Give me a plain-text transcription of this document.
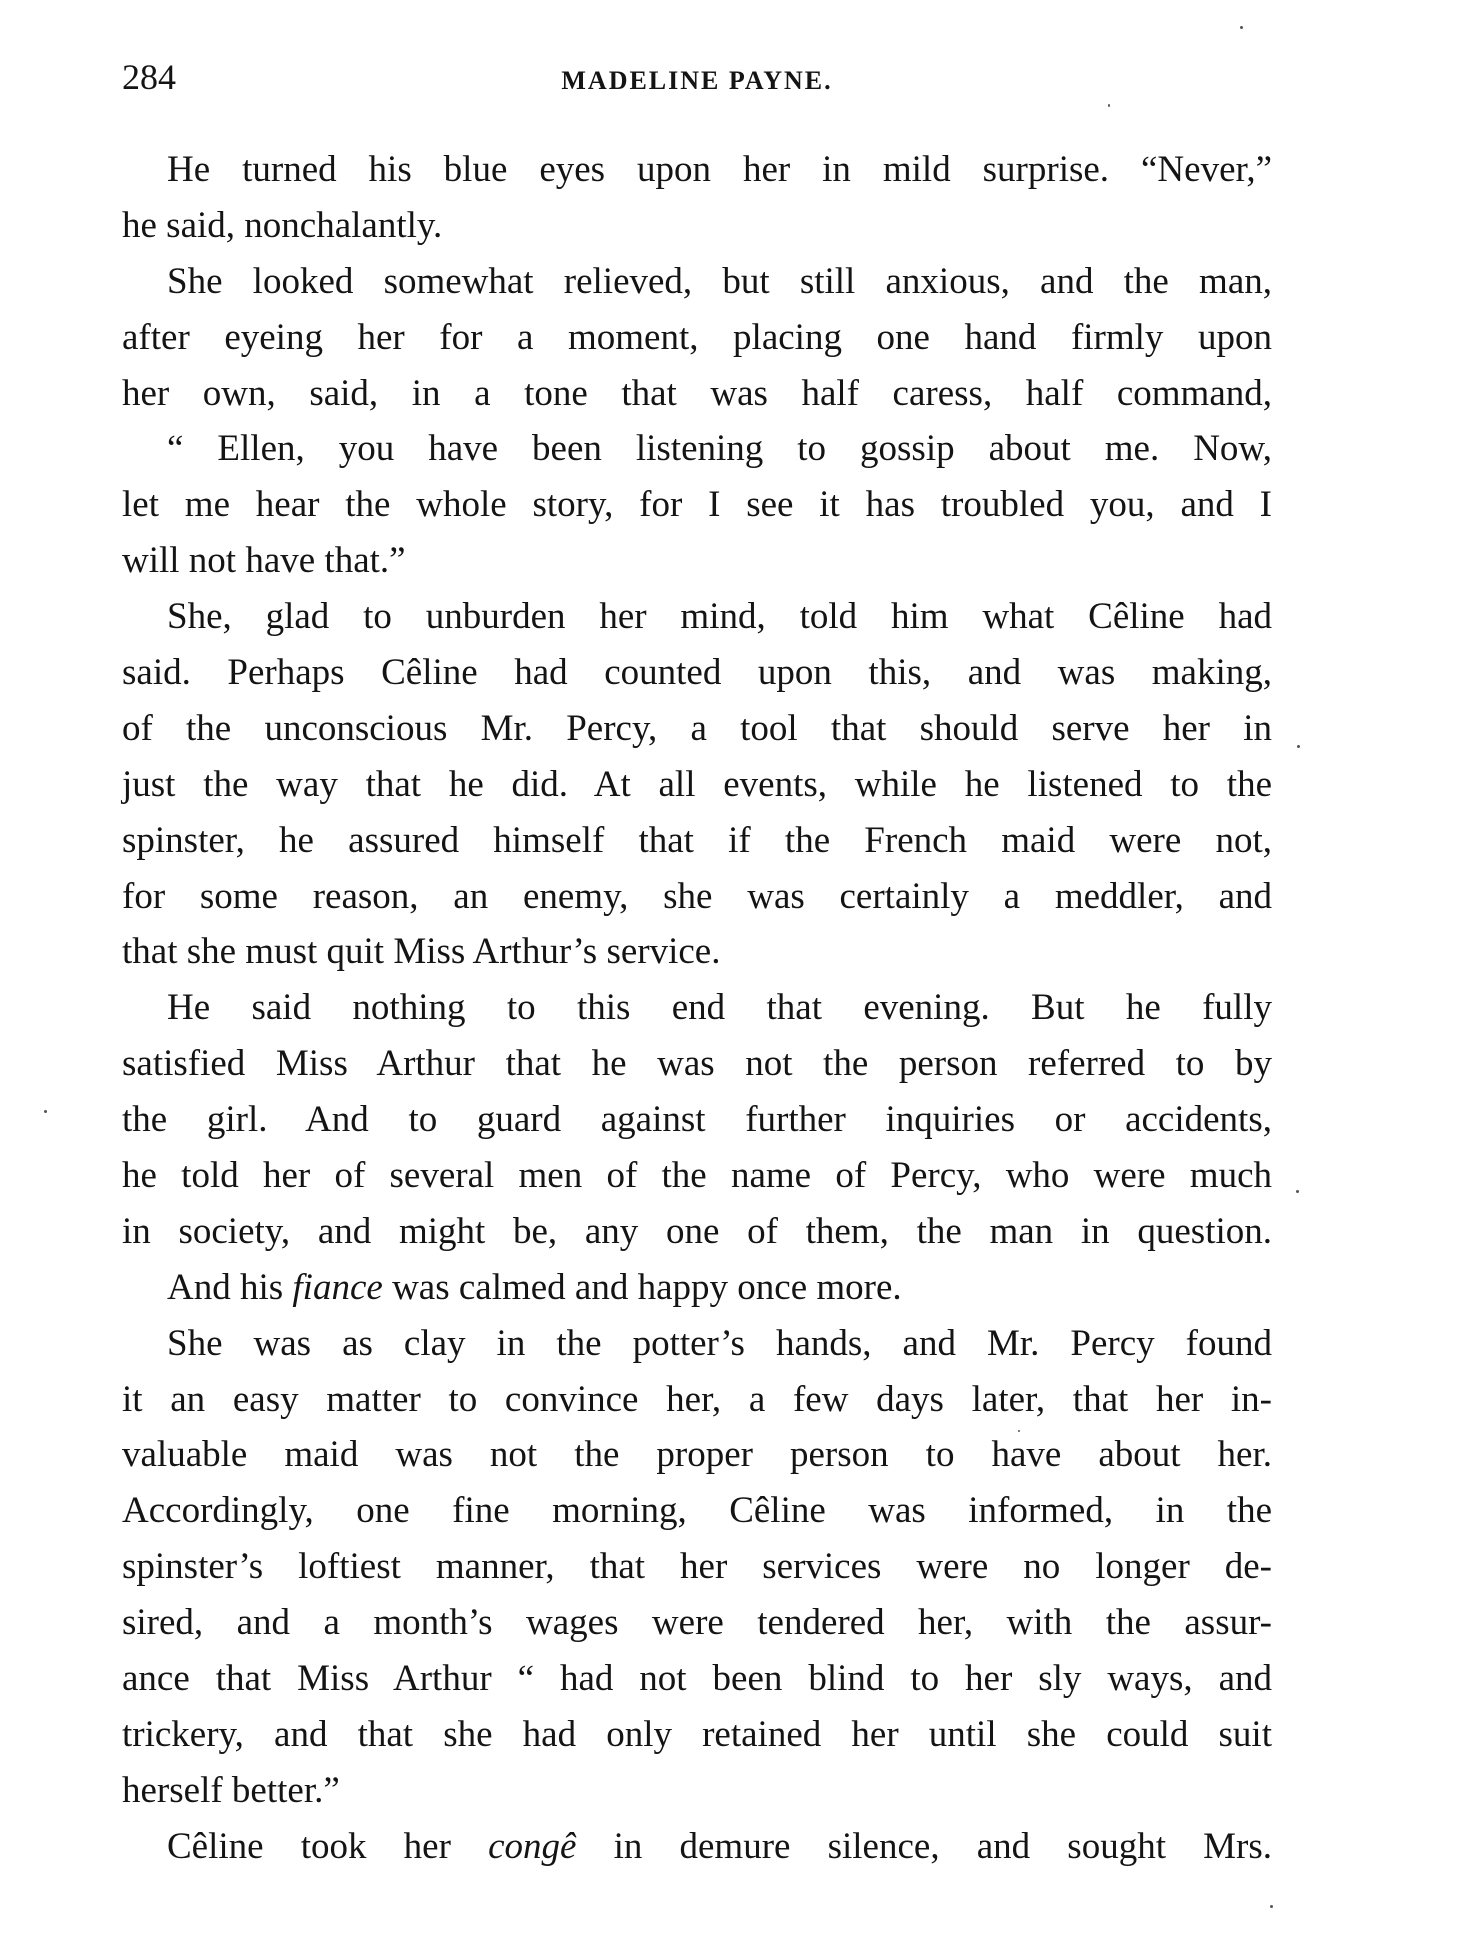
284	MADELINE PAYNE.
He turned his blue eyes upon her in mild surprise. “Never,”
he said, nonchalantly.
She looked somewhat relieved, but still anxious, and the man,
after eyeing her for a moment, placing one hand firmly upon
her own, said, in a tone that was half caress, half command,
“ Ellen, you have been listening to gossip about me. Now,
let me hear the whole story, for I see it has troubled you, and I
will not have that.”
She, glad to unburden her mind, told him what Cêline had
said. Perhaps Cêline had counted upon this, and was making,
of the unconscious Mr. Percy, a tool that should serve her in
just the way that he did. At all events, while he listened to the
spinster, he assured himself that if the French maid were not,
for some reason, an enemy, she was certainly a meddler, and
that she must quit Miss Arthur’s service.
He said nothing to this end that evening. But he fully
satisfied Miss Arthur that he was not the person referred to by
the girl. And to guard against further inquiries or accidents,
he told her of several men of the name of Percy, who were much
in society, and might be, any one of them, the man in question.
And his fiance was calmed and happy once more.
She was as clay in the potter’s hands, and Mr. Percy found
it an easy matter to convince her, a few days later, that her in-
valuable maid was not the proper person to have about her.
Accordingly, one fine morning, Cêline was informed, in the
spinster’s loftiest manner, that her services were no longer de-
sired, and a month’s wages were tendered her, with the assur-
ance that Miss Arthur “ had not been blind to her sly ways, and
trickery, and that she had only retained her until she could suit
herself better.”
Cêline took her congê in demure silence, and sought Mrs.
